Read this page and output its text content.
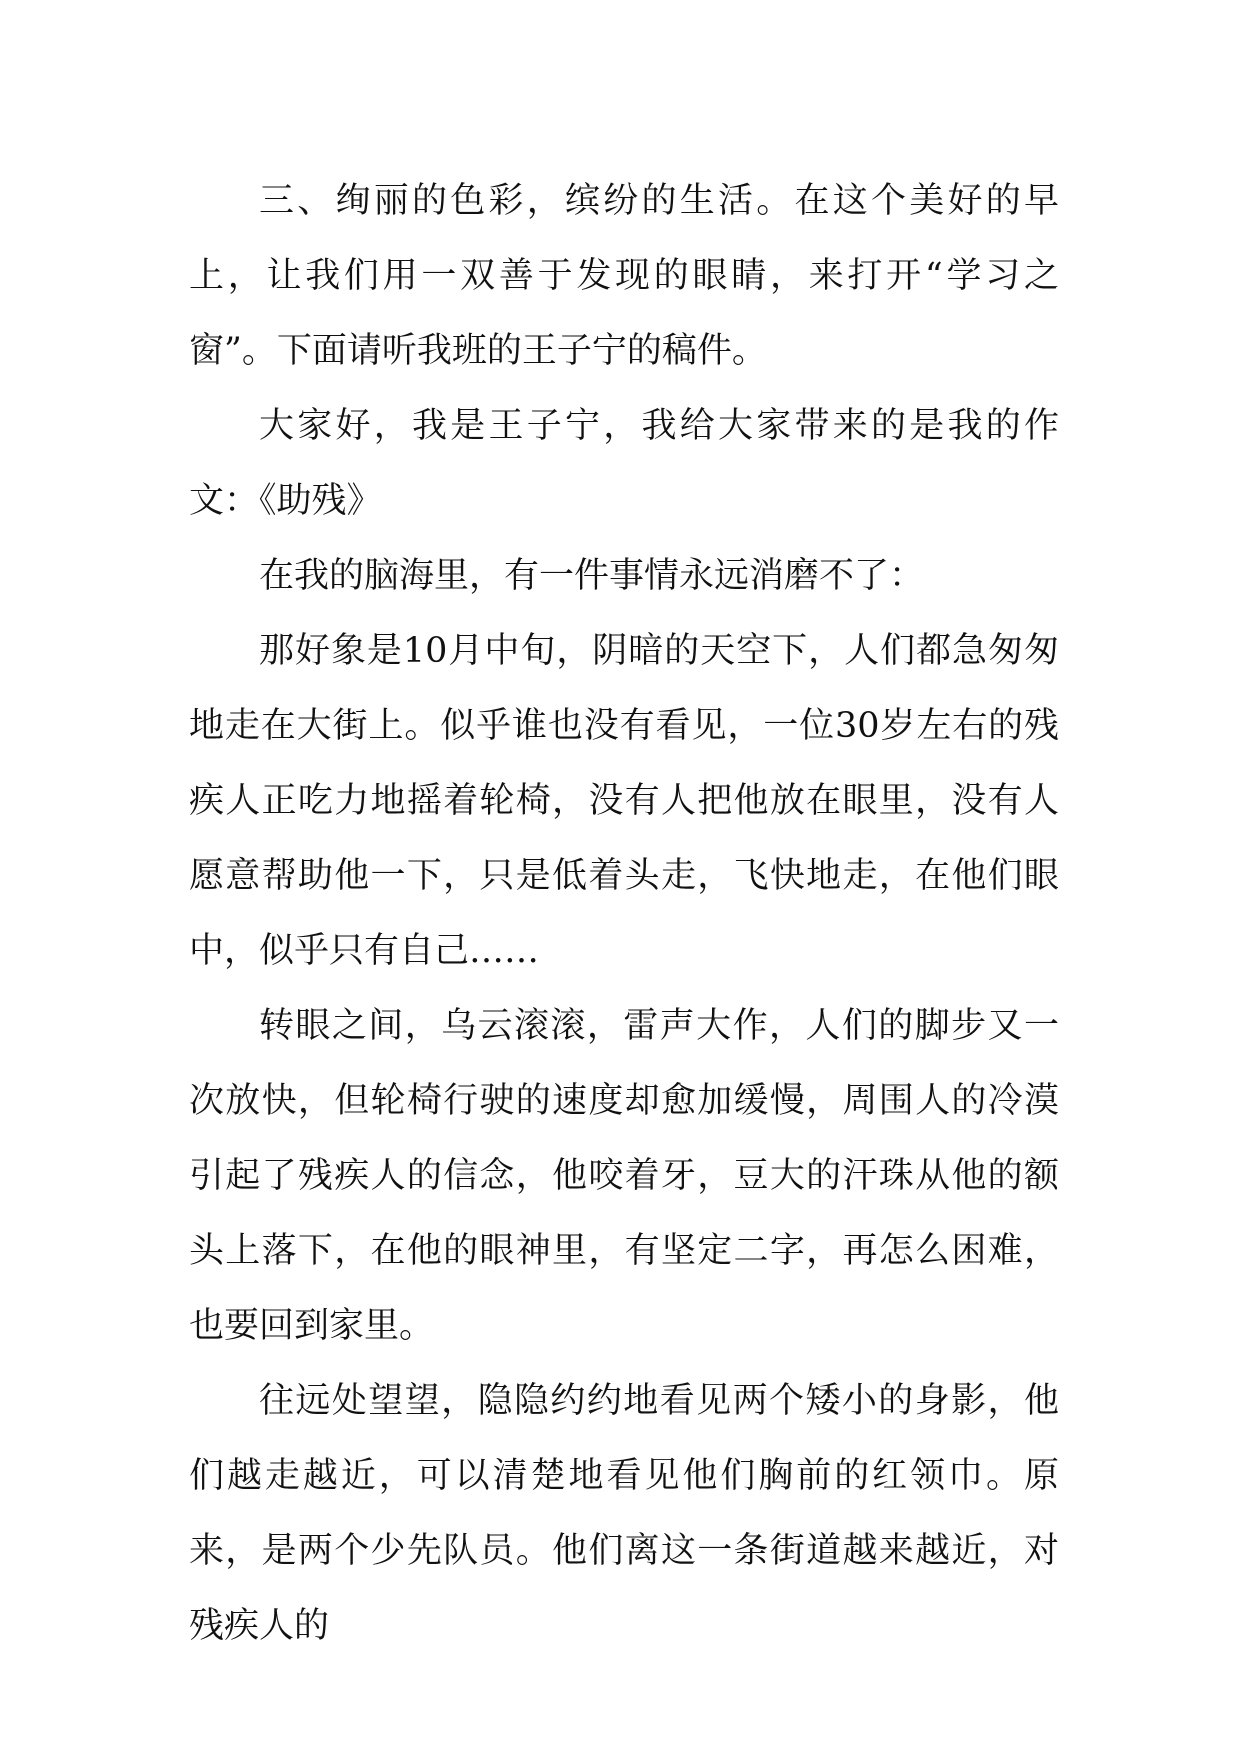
三、绚丽的色彩，缤纷的生活。在这个美好的早上，让我们用一双善于发现的眼睛，来打开“学习之窗”。下面请听我班的王子宁的稿件。

大家好，我是王子宁，我给大家带来的是我的作文：《助残》

在我的脑海里，有一件事情永远消磨不了：

那好象是10月中旬，阴暗的天空下，人们都急匆匆地走在大街上。似乎谁也没有看见，一位30岁左右的残疾人正吃力地摇着轮椅，没有人把他放在眼里，没有人愿意帮助他一下，只是低着头走，飞快地走，在他们眼中，似乎只有自己……

转眼之间，乌云滚滚，雷声大作，人们的脚步又一次放快，但轮椅行驶的速度却愈加缓慢，周围人的冷漠引起了残疾人的信念，他咬着牙，豆大的汗珠从他的额头上落下，在他的眼神里，有坚定二字，再怎么困难，也要回到家里。

往远处望望，隐隐约约地看见两个矮小的身影，他们越走越近，可以清楚地看见他们胸前的红领巾。原来，是两个少先队员。他们离这一条街道越来越近，对残疾人的
